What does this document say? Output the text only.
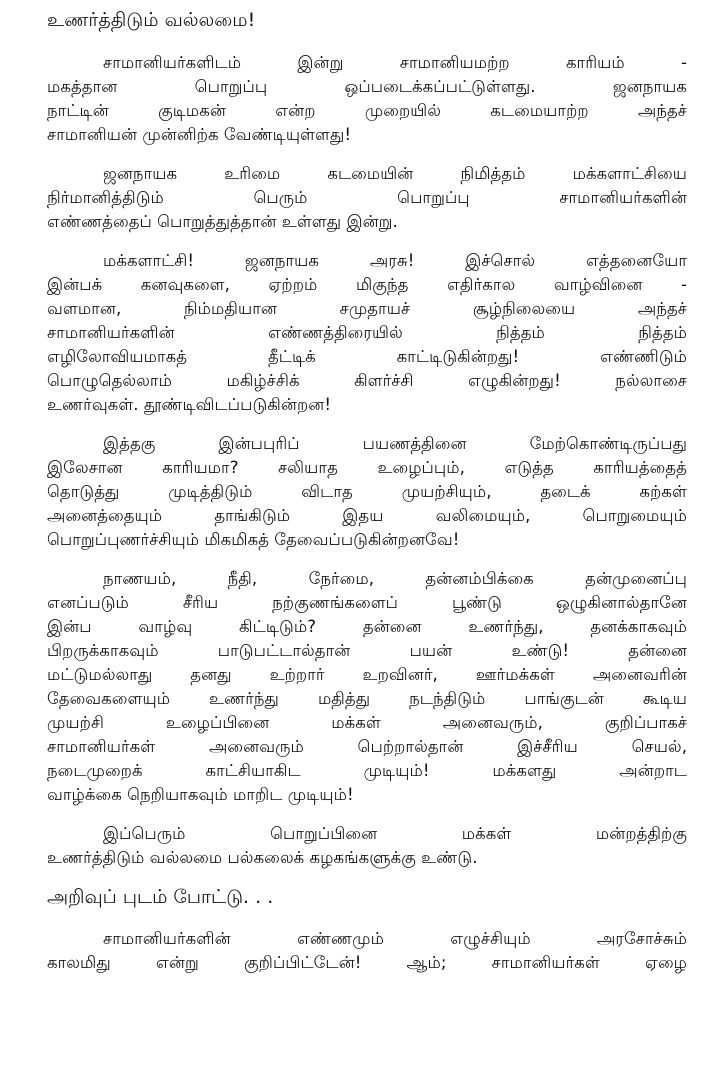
உணர்த்திடும் வல்லமை!
சாமானியர்களிடம் இன்று சாமானியமற்ற காரியம் -
மகத்தான பொறுப்பு ஒப்படைக்கப்பட்டுள்ளது. ஜனநாயக
நாட்டின் குடிமகன் என்ற முறையில் கடமையாற்ற அந்தச்
சாமானியன் முன்னிற்க வேண்டியுள்ளது!
ஜனநாயக உரிமை கடமையின் நிமித்தம் மக்களாட்சியை
நிர்மானித்திடும் பெரும் பொறுப்பு சாமானியர்களின்
எண்ணத்தைப் பொறுத்துத்தான் உள்ளது இன்று.
மக்களாட்சி! ஜனநாயக அரசு! இச்சொல் எத்தனையோ
இன்பக் கனவுகளை, ஏற்றம் மிகுந்த எதிர்கால வாழ்வினை -
வளமான, நிம்மதியான சமுதாயச் சூழ்நிலையை அந்தச்
சாமானியர்களின் எண்ணத்திரையில் நித்தம் நித்தம்
எழிலோவியமாகத் தீட்டிக் காட்டிடுகின்றது! எண்ணிடும்
பொழுதெல்லாம் மகிழ்ச்சிக் கிளர்ச்சி எழுகின்றது! நல்லாசை
உணர்வுகள். தூண்டிவிடப்படுகின்றன!
இத்தகு இன்பபுரிப் பயணத்தினை மேற்கொண்டிருப்பது
இலேசான காரியமா? சலியாத உழைப்பும், எடுத்த காரியத்தைத்
தொடுத்து முடித்திடும் விடாத முயற்சியும், தடைக் கற்கள்
அனைத்தையும் தாங்கிடும் இதய வலிமையும், பொறுமையும்
பொறுப்புணர்ச்சியும் மிகமிகத் தேவைப்படுகின்றனவே!
நாணயம், நீதி, நேர்மை, தன்னம்பிக்கை தன்முனைப்பு
எனப்படும் சீரிய நற்குணங்களைப் பூண்டு ஒழுகினால்தானே
இன்ப வாழ்வு கிட்டிடும்? தன்னை உணர்ந்து, தனக்காகவும்
பிறருக்காகவும் பாடுபட்டால்தான் பயன் உண்டு! தன்னை
மட்டுமல்லாது தனது உற்றார் உறவினர், ஊர்மக்கள் அனைவரின்
தேவைகளையும் உணர்ந்து மதித்து நடந்திடும் பாங்குடன் கூடிய
முயற்சி உழைப்பினை மக்கள் அனைவரும், குறிப்பாகச்
சாமானியர்கள் அனைவரும் பெற்றால்தான் இச்சீரிய செயல்,
நடைமுறைக் காட்சியாகிட முடியும்! மக்களது அன்றாட
வாழ்க்கை நெறியாகவும் மாறிட முடியும்!
இப்பெரும் பொறுப்பினை மக்கள் மன்றத்திற்கு
உணர்த்திடும் வல்லமை பல்கலைக் கழகங்களுக்கு உண்டு.
அறிவுப் புடம் போட்டு. . .
சாமானியர்களின் எண்ணமும் எழுச்சியும் அரசோச்சும்
காலமிது என்று குறிப்பிட்டேன்! ஆம்; சாமானியர்கள் ஏழை
